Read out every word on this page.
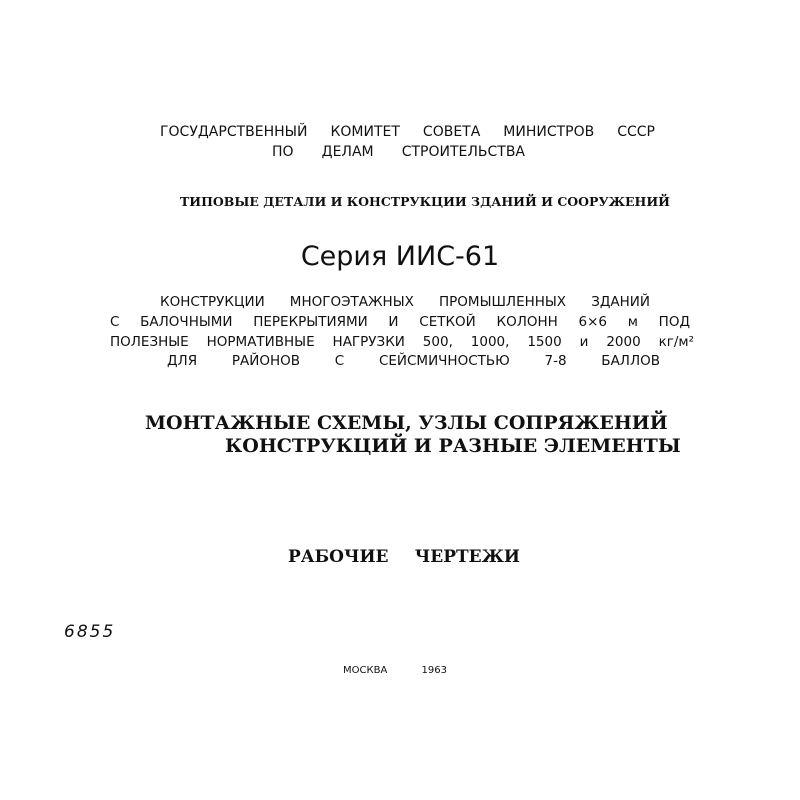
ГОСУДАРСТВЕННЫЙ КОМИТЕТ СОВЕТА МИНИСТРОВ СССР
ПО ДЕЛАМ СТРОИТЕЛЬСТВА
ТИПОВЫЕ ДЕТАЛИ И КОНСТРУКЦИИ ЗДАНИЙ И СООРУЖЕНИЙ
Серия ИИС-61
КОНСТРУКЦИИ МНОГОЭТАЖНЫХ ПРОМЫШЛЕННЫХ ЗДАНИЙ
С БАЛОЧНЫМИ ПЕРЕКРЫТИЯМИ И СЕТКОЙ КОЛОНН 6×6 м ПОД
ПОЛЕЗНЫЕ НОРМАТИВНЫЕ НАГРУЗКИ 500, 1000, 1500 и 2000 кг/м²
ДЛЯ РАЙОНОВ С СЕЙСМИЧНОСТЬЮ 7-8 БАЛЛОВ
МОНТАЖНЫЕ СХЕМЫ, УЗЛЫ СОПРЯЖЕНИЙ
КОНСТРУКЦИЙ И РАЗНЫЕ ЭЛЕМЕНТЫ
РАБОЧИЕ ЧЕРТЕЖИ
6855
МОСКВА 1963
